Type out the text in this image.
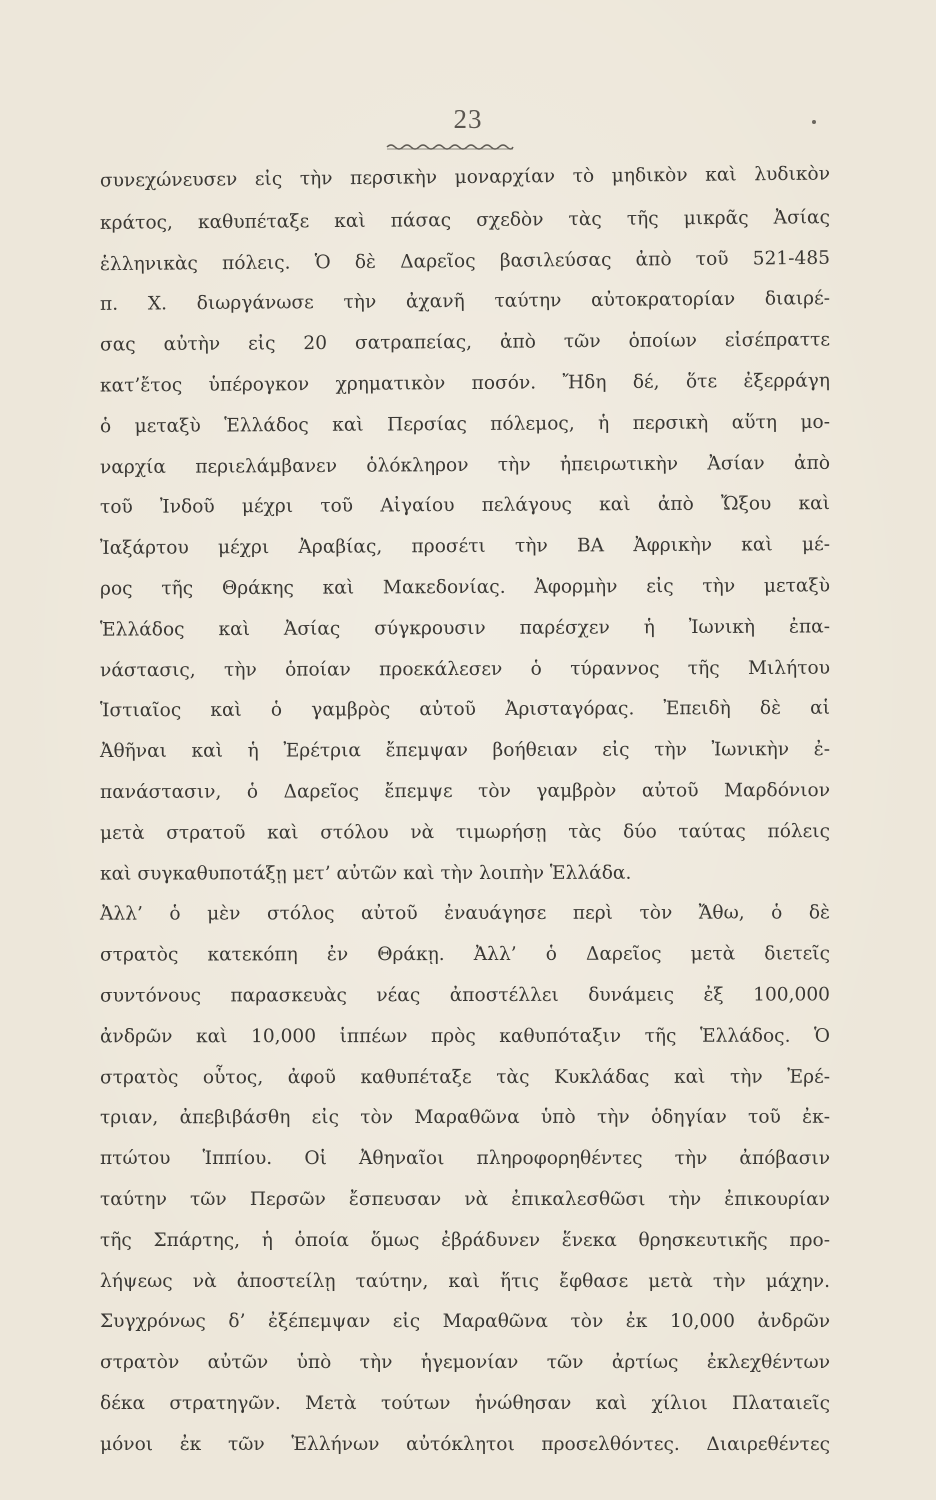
23
συνεχώνευσεν εἰς τὴν περσικὴν μοναρχίαν τὸ μηδικὸν καὶ λυδικὸν
κράτος, καθυπέταξε καὶ πάσας σχεδὸν τὰς τῆς μικρᾶς Ἀσίας
ἑλληνικὰς πόλεις. Ὁ δὲ Δαρεῖος βασιλεύσας ἀπὸ τοῦ 521-485
π. Χ. διωργάνωσε τὴν ἀχανῆ ταύτην αὐτοκρατορίαν διαιρέ-
σας αὐτὴν εἰς 20 σατραπείας, ἀπὸ τῶν ὁποίων εἰσέπραττε
κατ’ἔτος ὑπέρογκον χρηματικὸν ποσόν. Ἤδη δέ, ὅτε ἐξερράγη
ὁ μεταξὺ Ἑλλάδος καὶ Περσίας πόλεμος, ἡ περσικὴ αὕτη μο-
ναρχία περιελάμβανεν ὁλόκληρον τὴν ἠπειρωτικὴν Ἀσίαν ἀπὸ
τοῦ Ἰνδοῦ μέχρι τοῦ Αἰγαίου πελάγους καὶ ἀπὸ Ὤξου καὶ
Ἰαξάρτου μέχρι Ἀραβίας, προσέτι τὴν ΒΑ Ἀφρικὴν καὶ μέ-
ρος τῆς Θράκης καὶ Μακεδονίας. Ἀφορμὴν εἰς τὴν μεταξὺ
Ἑλλάδος καὶ Ἀσίας σύγκρουσιν παρέσχεν ἡ Ἰωνικὴ ἐπα-
νάστασις, τὴν ὁποίαν προεκάλεσεν ὁ τύραννος τῆς Μιλήτου
Ἱστιαῖος καὶ ὁ γαμβρὸς αὐτοῦ Ἀρισταγόρας. Ἐπειδὴ δὲ αἱ
Ἀθῆναι καὶ ἡ Ἐρέτρια ἔπεμψαν βοήθειαν εἰς τὴν Ἰωνικὴν ἐ-
πανάστασιν, ὁ Δαρεῖος ἔπεμψε τὸν γαμβρὸν αὐτοῦ Μαρδόνιον
μετὰ στρατοῦ καὶ στόλου νὰ τιμωρήσῃ τὰς δύο ταύτας πόλεις
καὶ συγκαθυποτάξῃ μετ’ αὐτῶν καὶ τὴν λοιπὴν Ἑλλάδα.
Ἀλλ’ ὁ μὲν στόλος αὐτοῦ ἐναυάγησε περὶ τὸν Ἄθω, ὁ δὲ
στρατὸς κατεκόπη ἐν Θράκῃ. Ἀλλ’ ὁ Δαρεῖος μετὰ διετεῖς
συντόνους παρασκευὰς νέας ἀποστέλλει δυνάμεις ἐξ 100,000
ἀνδρῶν καὶ 10,000 ἱππέων πρὸς καθυπόταξιν τῆς Ἑλλάδος. Ὁ
στρατὸς οὗτος, ἀφοῦ καθυπέταξε τὰς Κυκλάδας καὶ τὴν Ἐρέ-
τριαν, ἀπεβιβάσθη εἰς τὸν Μαραθῶνα ὑπὸ τὴν ὁδηγίαν τοῦ ἐκ-
πτώτου Ἱππίου. Οἱ Ἀθηναῖοι πληροφορηθέντες τὴν ἀπόβασιν
ταύτην τῶν Περσῶν ἔσπευσαν νὰ ἐπικαλεσθῶσι τὴν ἐπικουρίαν
τῆς Σπάρτης, ἡ ὁποία ὅμως ἐβράδυνεν ἕνεκα θρησκευτικῆς προ-
λήψεως νὰ ἀποστείλῃ ταύτην, καὶ ἥτις ἔφθασε μετὰ τὴν μάχην.
Συγχρόνως δ’ ἐξέπεμψαν εἰς Μαραθῶνα τὸν ἐκ 10,000 ἀνδρῶν
στρατὸν αὐτῶν ὑπὸ τὴν ἡγεμονίαν τῶν ἀρτίως ἐκλεχθέντων
δέκα στρατηγῶν. Μετὰ τούτων ἡνώθησαν καὶ χίλιοι Πλαταιεῖς
μόνοι ἐκ τῶν Ἑλλήνων αὐτόκλητοι προσελθόντες. Διαιρεθέντες
